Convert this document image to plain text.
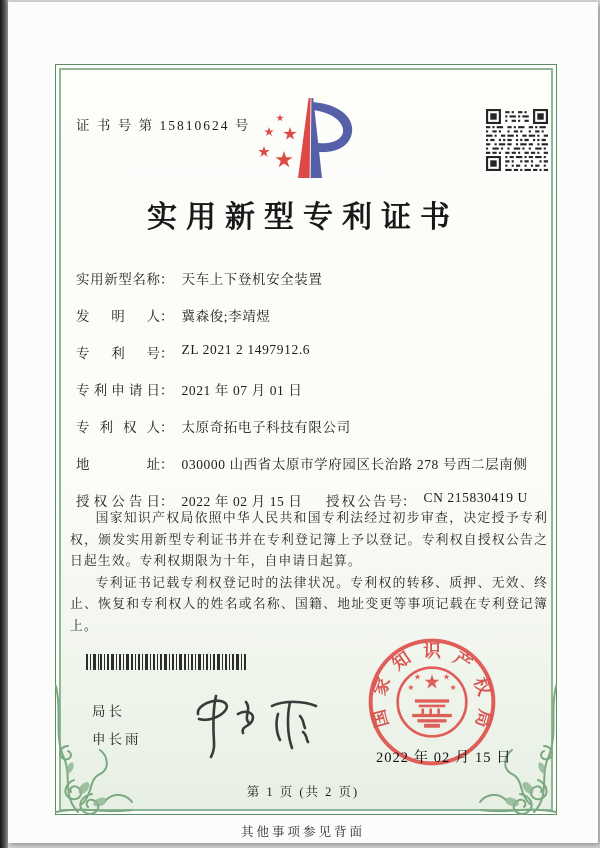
证 书 号 第 15810624 号
实用新型专利证书
实用新型名称 ： 天车上下登机安全装置
发明人 ： 冀森俊;李靖煜
专利号 ： ZL 2021 2 1497912.6
专利申请日 ： 2021 年 07 月 01 日
专利权人 ： 太原奇拓电子科技有限公司
地址 ： 030000 山西省太原市学府园区长治路 278 号西二层南侧
授权公告日 ： 2022 年 02 月 15 日 授权公告号 ： CN 215830419 U

国家知识产权局依照中华人民共和国专利法经过初步审查，决定授予专利权，颁发实用新型专利证书并在专利登记簿上予以登记。专利权自授权公告之日起生效。专利权期限为十年，自申请日起算。

专利证书记载专利权登记时的法律状况。专利权的转移、质押、无效、终止、恢复和专利权人的姓名或名称、国籍、地址变更等事项记载在专利登记簿上。

局长
申长雨
国
家
知 识 产
权
局
2022 年 02 月 15 日
第 1 页 (共 2 页)
其他事项参见背面
